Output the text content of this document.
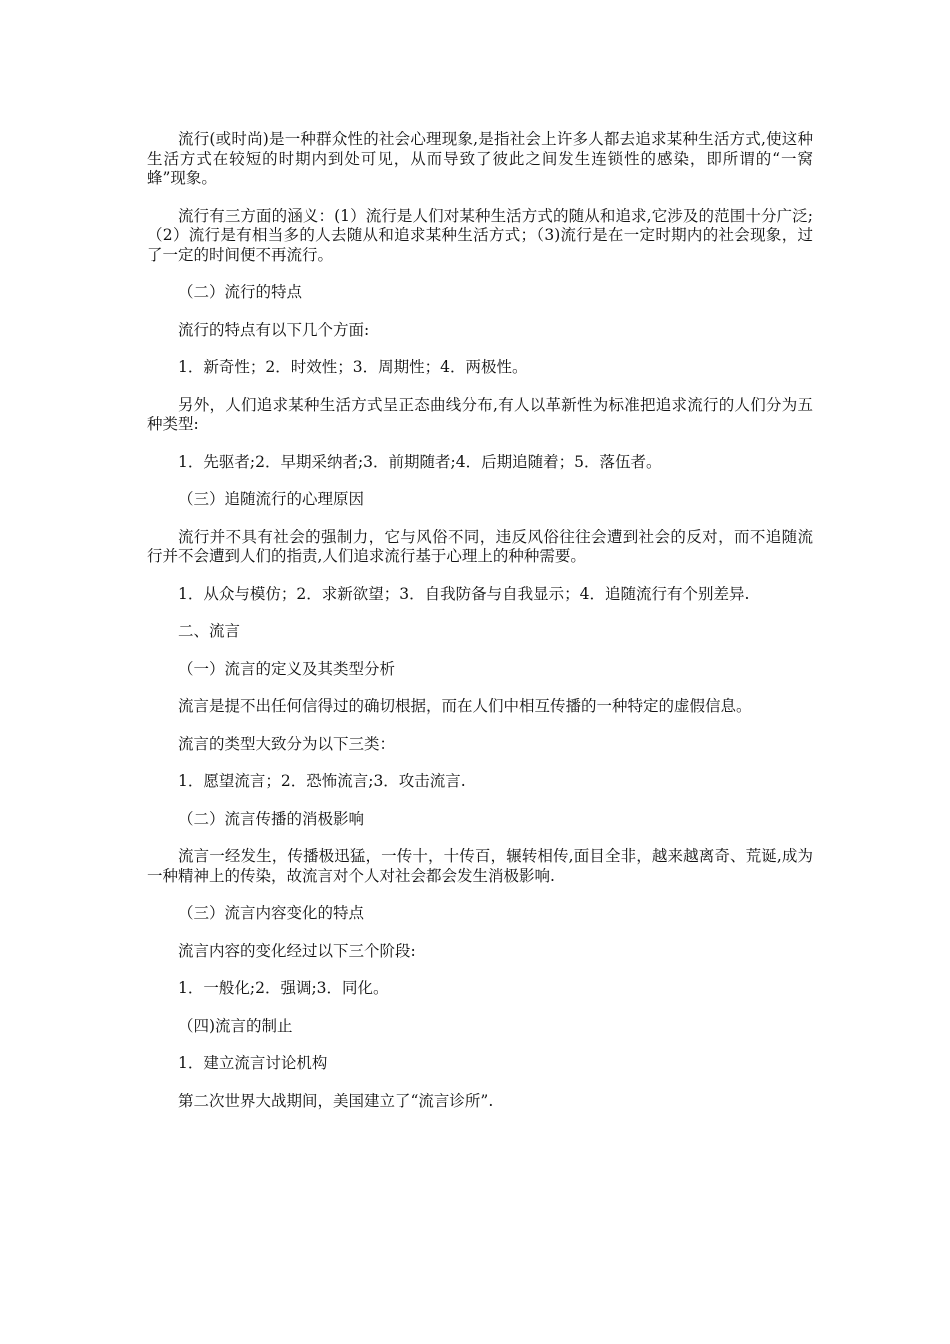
流行(或时尚)是一种群众性的社会心理现象,是指社会上许多人都去追求某种生活方式,使这种生活方式在较短的时期内到处可见，从而导致了彼此之间发生连锁性的感染，即所谓的“一窝蜂”现象。

流行有三方面的涵义：(1）流行是人们对某种生活方式的随从和追求,它涉及的范围十分广泛;（2）流行是有相当多的人去随从和追求某种生活方式；（3)流行是在一定时期内的社会现象，过了一定的时间便不再流行。

（二）流行的特点

流行的特点有以下几个方面:

1．新奇性；2．时效性；3．周期性；4．两极性。

另外，人们追求某种生活方式呈正态曲线分布,有人以革新性为标准把追求流行的人们分为五种类型:

1．先驱者;2．早期采纳者;3．前期随者;4．后期追随着；5．落伍者。

（三）追随流行的心理原因

流行并不具有社会的强制力，它与风俗不同，违反风俗往往会遭到社会的反对，而不追随流行并不会遭到人们的指责,人们追求流行基于心理上的种种需要。

1．从众与模仿；2．求新欲望；3．自我防备与自我显示；4．追随流行有个别差异.

二、流言

（一）流言的定义及其类型分析

流言是提不出任何信得过的确切根据，而在人们中相互传播的一种特定的虚假信息。

流言的类型大致分为以下三类：

1．愿望流言；2．恐怖流言;3．攻击流言.

（二）流言传播的消极影响

流言一经发生，传播极迅猛，一传十，十传百，辗转相传,面目全非，越来越离奇、荒诞,成为一种精神上的传染，故流言对个人对社会都会发生消极影响.

（三）流言内容变化的特点

流言内容的变化经过以下三个阶段:

1．一般化;2．强调;3．同化。

（四)流言的制止

1．建立流言讨论机构

第二次世界大战期间，美国建立了“流言诊所”.
